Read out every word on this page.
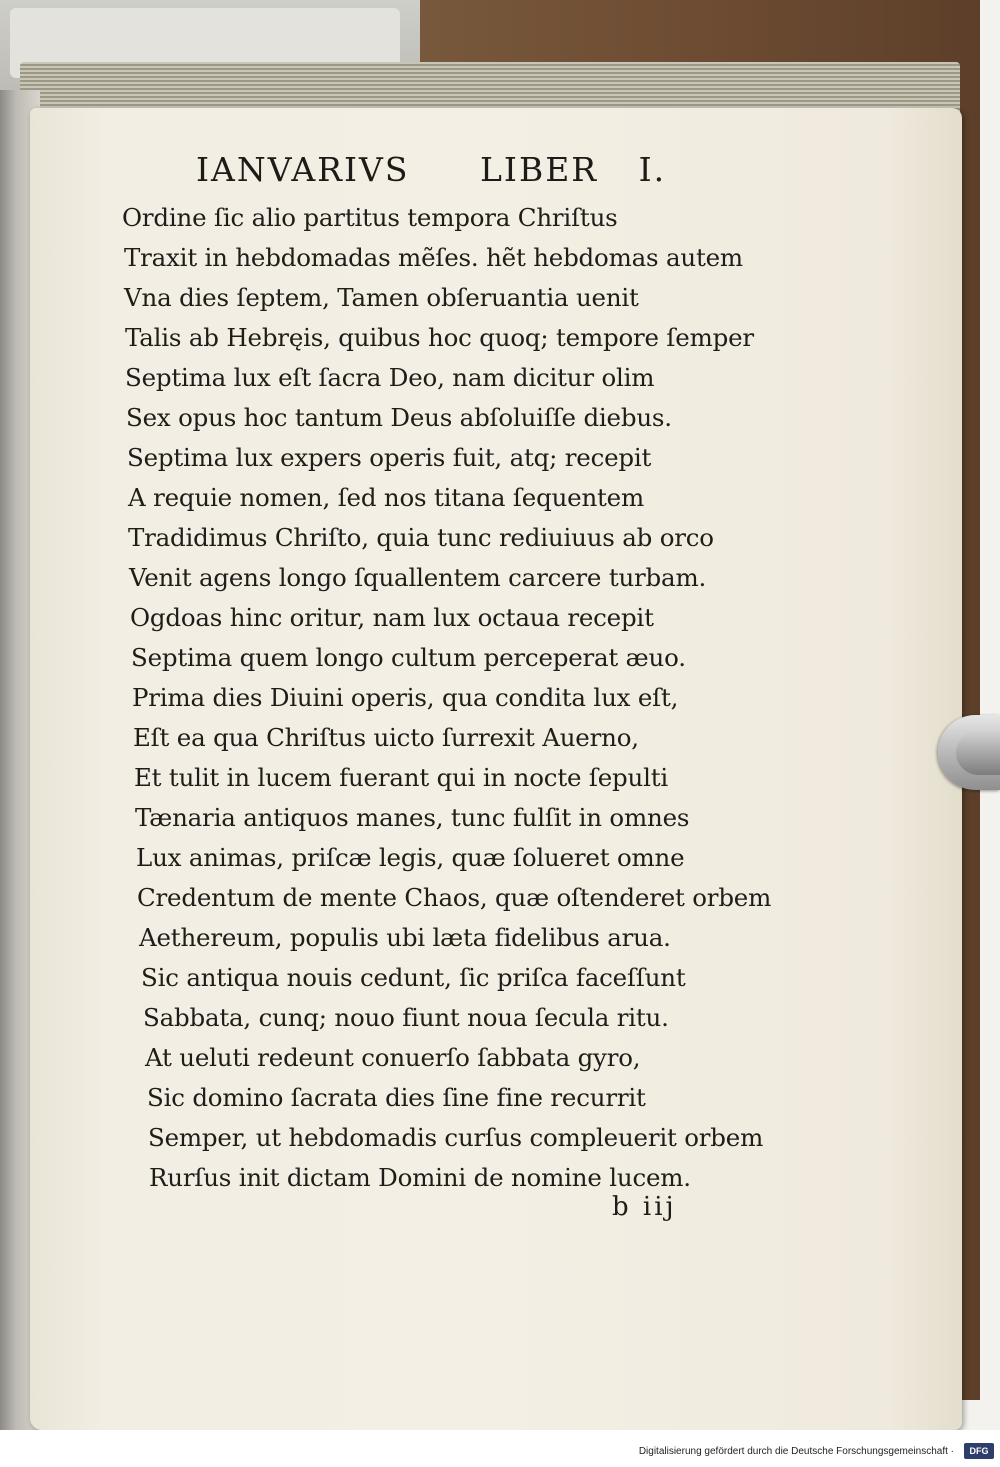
IANVARIVS LIBER I.
Ordine ſic alio partitus tempora Chriſtus
Traxit in hebdomadas mẽſes. hẽt hebdomas autem
Vna dies ſeptem, Tamen obſeruantia uenit
Talis ab Hebręis, quibus hoc quoq; tempore ſemper
Septima lux eſt ſacra Deo, nam dicitur olim
Sex opus hoc tantum Deus abſoluiſſe diebus.
Septima lux expers operis fuit, atq; recepit
A requie nomen, ſed nos titana ſequentem
Tradidimus Chriſto, quia tunc rediuiuus ab orco
Venit agens longo ſquallentem carcere turbam.
Ogdoas hinc oritur, nam lux octaua recepit
Septima quem longo cultum perceperat æuo.
Prima dies Diuini operis, qua condita lux eſt,
Eſt ea qua Chriſtus uicto ſurrexit Auerno,
Et tulit in lucem fuerant qui in nocte ſepulti
Tænaria antiquos manes, tunc fulſit in omnes
Lux animas, priſcæ legis, quæ ſolueret omne
Credentum de mente Chaos, quæ oſtenderet orbem
Aethereum, populis ubi læta fidelibus arua.
Sic antiqua nouis cedunt, ſic priſca faceſſunt
Sabbata, cunq; nouo fiunt noua ſecula ritu.
At ueluti redeunt conuerſo ſabbata gyro,
Sic domino ſacrata dies ſine fine recurrit
Semper, ut hebdomadis curſus compleuerit orbem
Rurſus init dictam Domini de nomine lucem.
b iij
Digitalisierung gefördert durch die Deutsche Forschungsgemeinschaft ·	DFG
